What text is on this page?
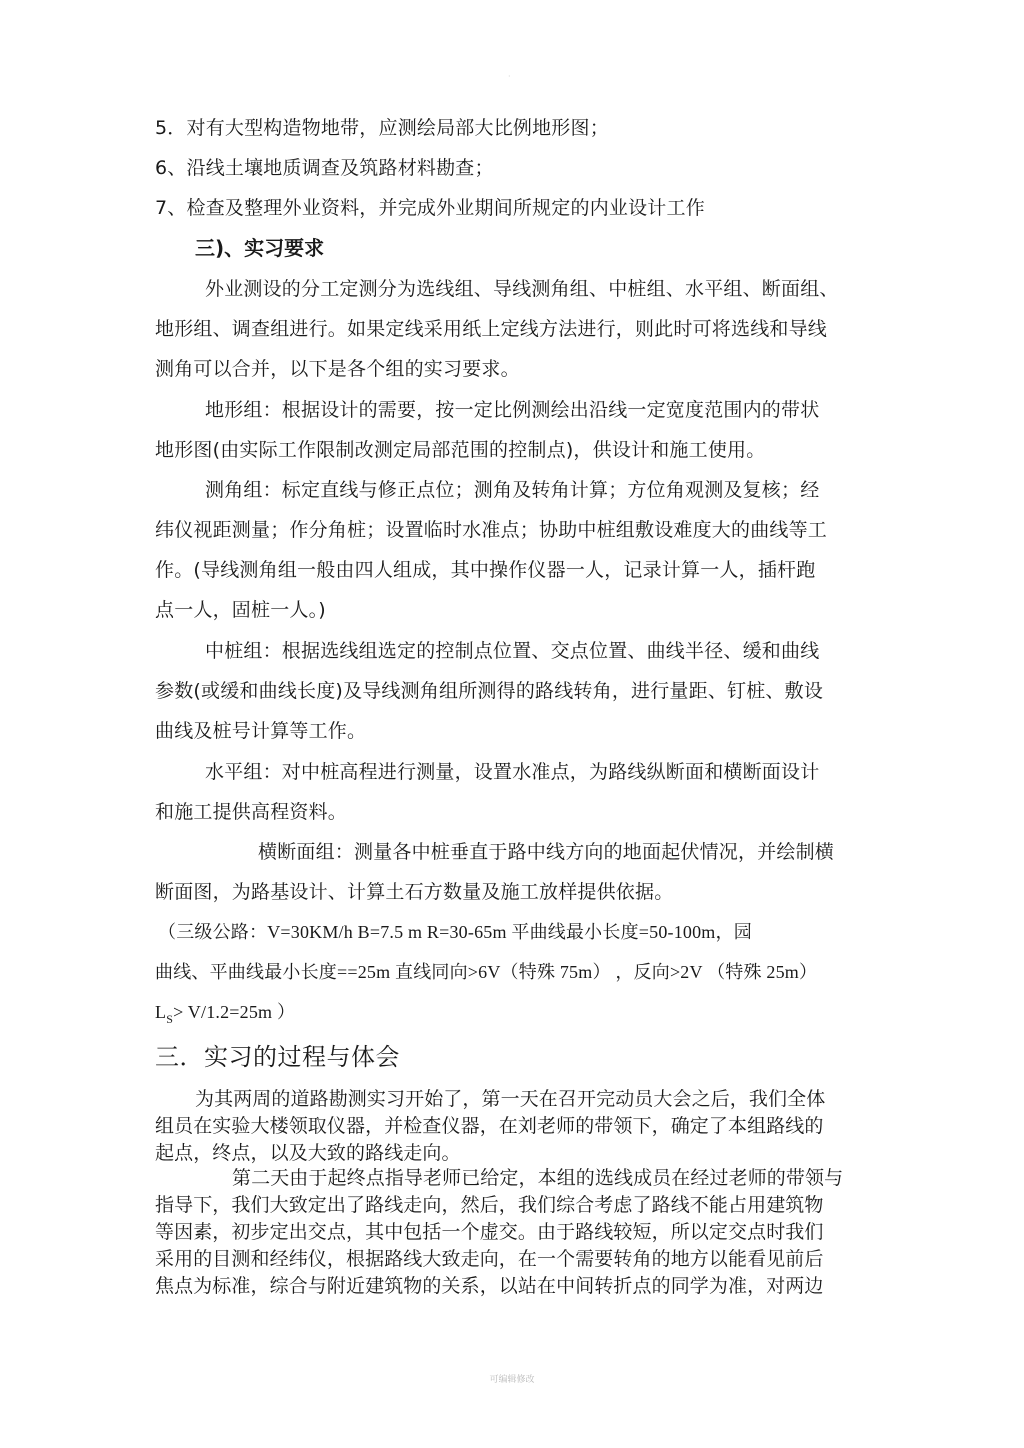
·
5．对有大型构造物地带，应测绘局部大比例地形图；
6、沿线土壤地质调查及筑路材料勘查；
7、检查及整理外业资料，并完成外业期间所规定的内业设计工作
三)、实习要求
外业测设的分工定测分为选线组、导线测角组、中桩组、水平组、断面组、
地形组、调查组进行。如果定线采用纸上定线方法进行，则此时可将选线和导线
测角可以合并，以下是各个组的实习要求。
地形组：根据设计的需要，按一定比例测绘出沿线一定宽度范围内的带状
地形图(由实际工作限制改测定局部范围的控制点)，供设计和施工使用。
测角组：标定直线与修正点位；测角及转角计算；方位角观测及复核；经
纬仪视距测量；作分角桩；设置临时水准点；协助中桩组敷设难度大的曲线等工
作。(导线测角组一般由四人组成，其中操作仪器一人，记录计算一人，插杆跑
点一人，固桩一人。)
中桩组：根据选线组选定的控制点位置、交点位置、曲线半径、缓和曲线
参数(或缓和曲线长度)及导线测角组所测得的路线转角，进行量距、钉桩、敷设
曲线及桩号计算等工作。
水平组：对中桩高程进行测量，设置水准点，为路线纵断面和横断面设计
和施工提供高程资料。
横断面组：测量各中桩垂直于路中线方向的地面起伏情况，并绘制横
断面图，为路基设计、计算土石方数量及施工放样提供依据。
（三级公路：V=30KM/h B=7.5 m R=30-65m 平曲线最小长度=50-100m，园
曲线、平曲线最小长度==25m 直线同向>6V（特殊 75m） ，反向>2V （特殊 25m）
$L_S> V/1.2=25m$ ）
三．实习的过程与体会
为其两周的道路勘测实习开始了，第一天在召开完动员大会之后，我们全体
组员在实验大楼领取仪器，并检查仪器，在刘老师的带领下，确定了本组路线的
起点，终点，以及大致的路线走向。
第二天由于起终点指导老师已给定，本组的选线成员在经过老师的带领与
指导下，我们大致定出了路线走向，然后，我们综合考虑了路线不能占用建筑物
等因素，初步定出交点，其中包括一个虚交。由于路线较短，所以定交点时我们
采用的目测和经纬仪，根据路线大致走向，在一个需要转角的地方以能看见前后
焦点为标准，综合与附近建筑物的关系，以站在中间转折点的同学为准，对两边
可编辑修改
